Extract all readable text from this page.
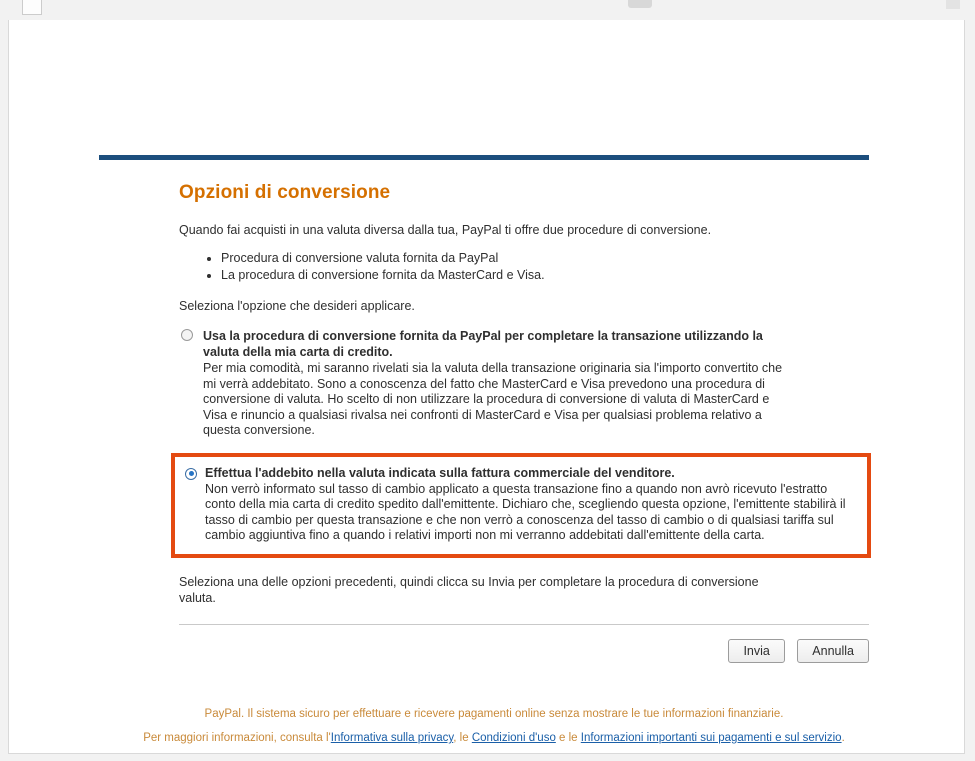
Opzioni di conversione

Quando fai acquisti in una valuta diversa dalla tua, PayPal ti offre due procedure di conversione.

• Procedura di conversione valuta fornita da PayPal
• La procedura di conversione fornita da MasterCard e Visa.

Seleziona l'opzione che desideri applicare.

Usa la procedura di conversione fornita da PayPal per completare la transazione utilizzando la valuta della mia carta di credito.

Per mia comodità, mi saranno rivelati sia la valuta della transazione originaria sia l'importo convertito che mi verrà addebitato. Sono a conoscenza del fatto che MasterCard e Visa prevedono una procedura di conversione di valuta. Ho scelto di non utilizzare la procedura di conversione di valuta di MasterCard e Visa e rinuncio a qualsiasi rivalsa nei confronti di MasterCard e Visa per qualsiasi problema relativo a questa conversione.

Effettua l'addebito nella valuta indicata sulla fattura commerciale del venditore.

Non verrò informato sul tasso di cambio applicato a questa transazione fino a quando non avrò ricevuto l'estratto conto della mia carta di credito spedito dall'emittente. Dichiaro che, scegliendo questa opzione, l'emittente stabilirà il tasso di cambio per questa transazione e che non verrò a conoscenza del tasso di cambio o di qualsiasi tariffa sul cambio aggiuntiva fino a quando i relativi importi non mi verranno addebitati dall'emittente della carta.

Seleziona una delle opzioni precedenti, quindi clicca su Invia per completare la procedura di conversione valuta.

Invia	Annulla
PayPal. Il sistema sicuro per effettuare e ricevere pagamenti online senza mostrare le tue informazioni finanziarie.
Per maggiori informazioni, consulta l'Informativa sulla privacy, le Condizioni d'uso e le Informazioni importanti sui pagamenti e sul servizio.
